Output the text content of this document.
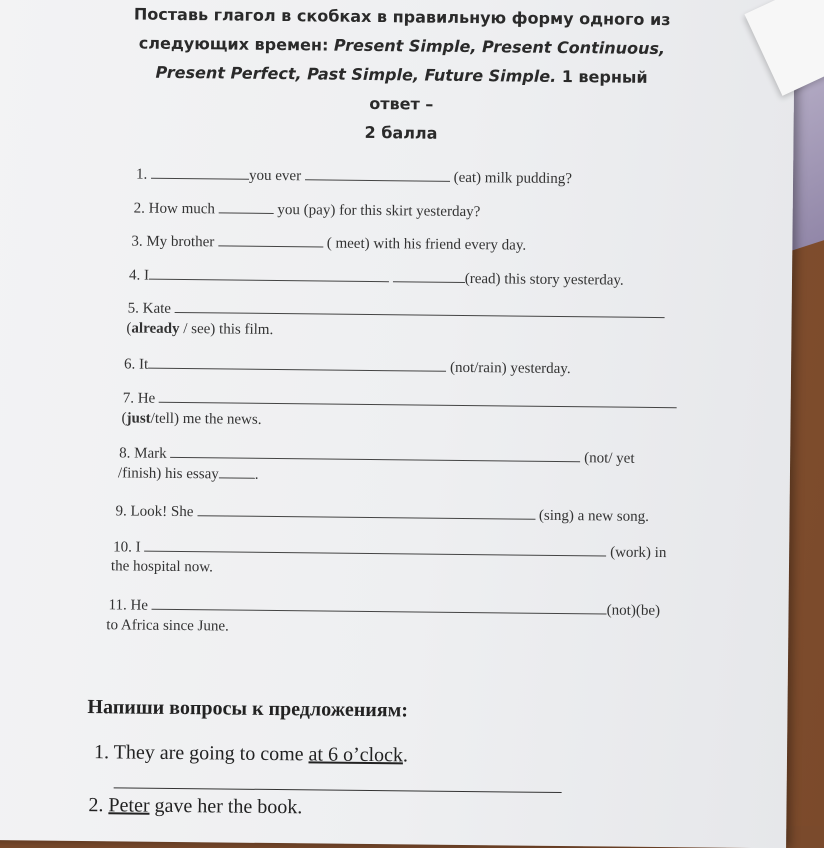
Поставь глагол в скобках в правильную форму одного из
следующих времен: Present Simple, Present Continuous,
Present Perfect, Past Simple, Future Simple. 1 верный ответ –
2 балла
1.	you ever	(eat) milk pudding?
2. How much	you (pay) for this skirt yesterday?
3. My brother	( meet) with his friend every day.
4. I	(read) this story yesterday.
5. Kate
(already / see) this film.
6. It	(not/rain) yesterday.
7. He
(just/tell) me the news.
8. Mark	(not/ yet
/finish) his essay .
9. Look! She	(sing) a new song.
10. I	(work) in
the hospital now.
11. He	(not)(be)
to Africa since June.
Напиши вопросы к предложениям:
1. They are going to come at 6 o’clock.
2. Peter gave her the book.
